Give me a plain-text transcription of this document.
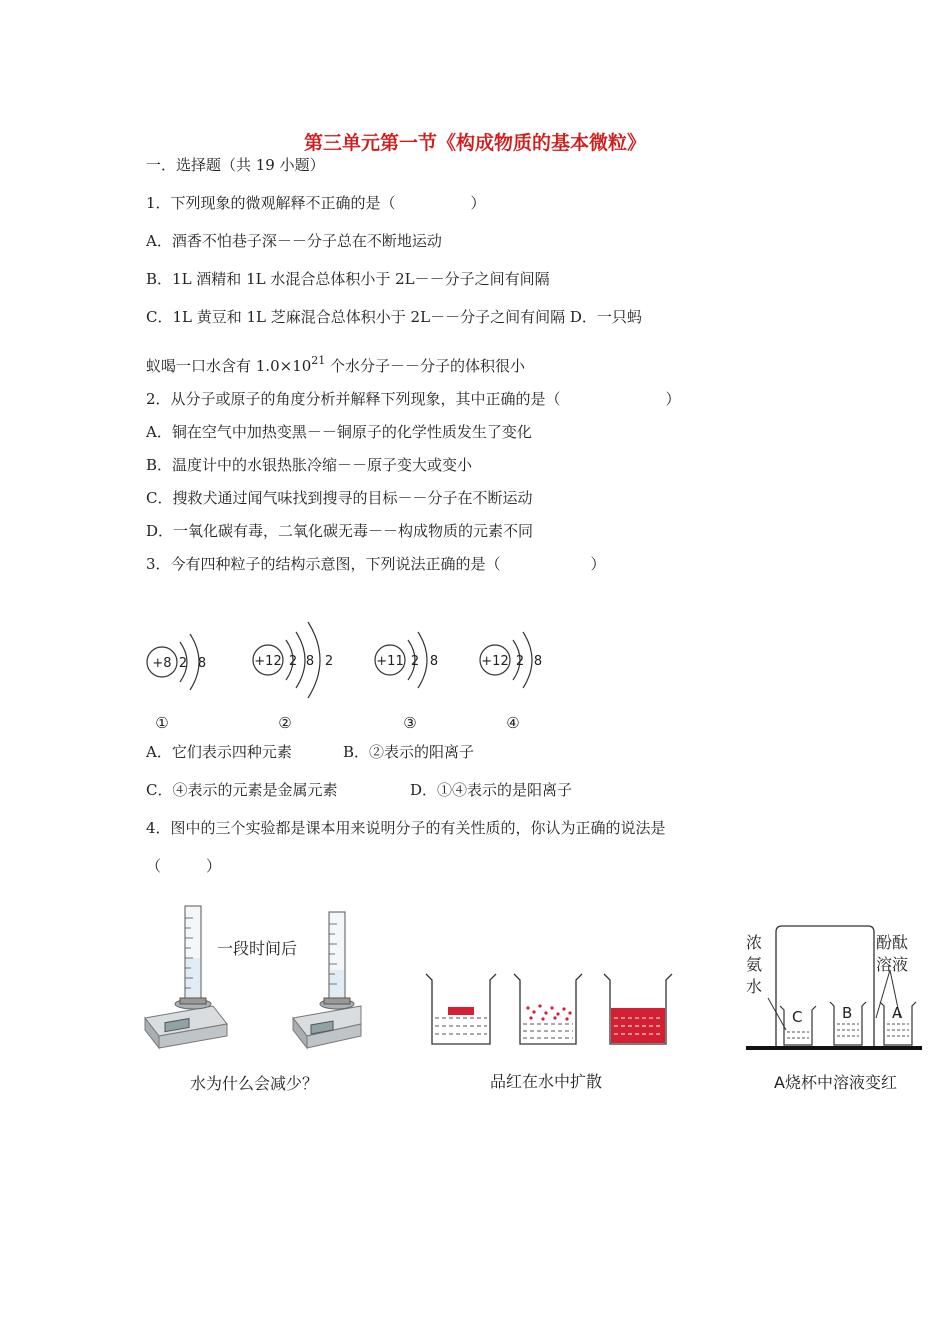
第三单元第一节《构成物质的基本微粒》
一．选择题（共 19 小题）
1．下列现象的微观解释不正确的是（　　　　　）
A．酒香不怕巷子深－－分子总在不断地运动
B．1L 酒精和 1L 水混合总体积小于 2L－－分子之间有间隔
C．1L 黄豆和 1L 芝麻混合总体积小于 2L－－分子之间有间隔 D．一只蚂
蚁喝一口水含有 $1.0\times 10^{21}$ 个水分子－－分子的体积很小
2．从分子或原子的角度分析并解释下列现象，其中正确的是（　　　　　　　）
A．铜在空气中加热变黑－－铜原子的化学性质发生了变化
B．温度计中的水银热胀冷缩－－原子变大或变小
C．搜救犬通过闻气味找到搜寻的目标－－分子在不断运动
D．一氧化碳有毒，二氧化碳无毒－－构成物质的元素不同
3．今有四种粒子的结构示意图，下列说法正确的是（　　　　　　）
+8 2 8
①
+12 2 8 2
②
+11 2 8
③
+12 2 8
④
A．它们表示四种元素	B．②表示的阳离子
C．④表示的元素是金属元素	D．①④表示的是阳离子
4．图中的三个实验都是课本用来说明分子的有关性质的，你认为正确的说法是
（　　　）
一段时间后
水为什么会减少？	品红在水中扩散
C	B	A
浓
氨
水
酚酞
溶液
A烧杯中溶液变红
